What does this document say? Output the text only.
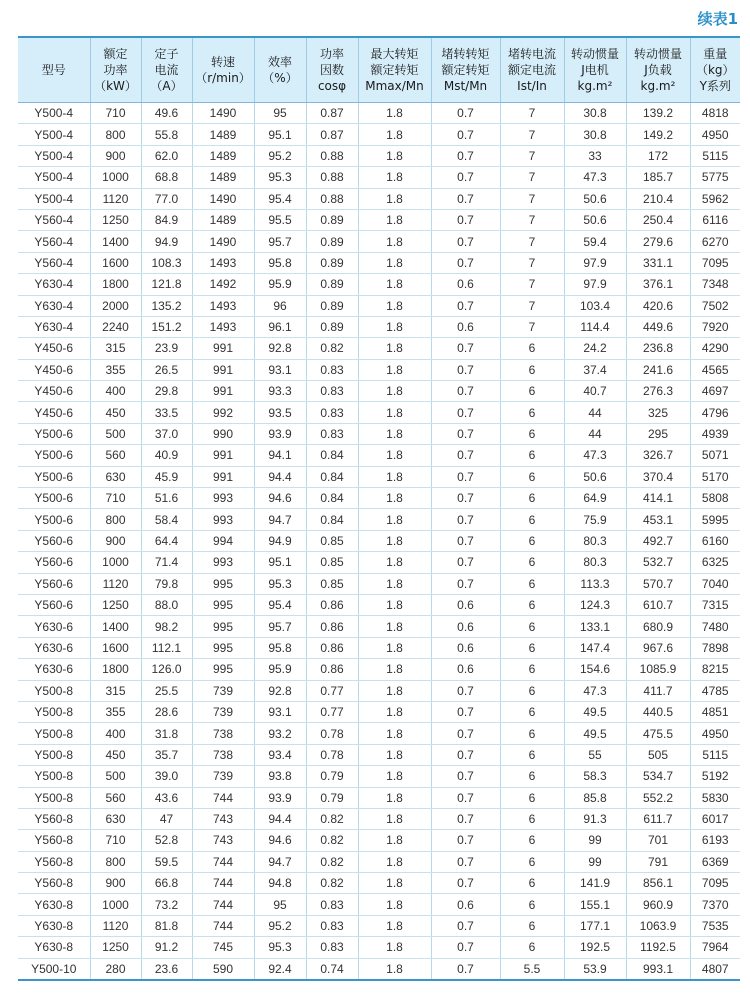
续表1
型号	额定
功率
（kW）	定子
电流
（A）	转速
（r/min）	效率
（%）	功率
因数
cosφ	最大转矩
额定转矩
Mmax/Mn	堵转转矩
额定转矩
Mst/Mn	堵转电流
额定电流
Ist/In	转动惯量
J电机
kg.m²	转动惯量
J负载
kg.m²	重量
（kg）
Y系列
Y500-4	710	49.6	1490	95	0.87	1.8	0.7	7	30.8	139.2	4818
Y500-4	800	55.8	1489	95.1	0.87	1.8	0.7	7	30.8	149.2	4950
Y500-4	900	62.0	1489	95.2	0.88	1.8	0.7	7	33	172	5115
Y500-4	1000	68.8	1489	95.3	0.88	1.8	0.7	7	47.3	185.7	5775
Y500-4	1120	77.0	1490	95.4	0.88	1.8	0.7	7	50.6	210.4	5962
Y560-4	1250	84.9	1489	95.5	0.89	1.8	0.7	7	50.6	250.4	6116
Y560-4	1400	94.9	1490	95.7	0.89	1.8	0.7	7	59.4	279.6	6270
Y560-4	1600	108.3	1493	95.8	0.89	1.8	0.7	7	97.9	331.1	7095
Y630-4	1800	121.8	1492	95.9	0.89	1.8	0.6	7	97.9	376.1	7348
Y630-4	2000	135.2	1493	96	0.89	1.8	0.7	7	103.4	420.6	7502
Y630-4	2240	151.2	1493	96.1	0.89	1.8	0.6	7	114.4	449.6	7920
Y450-6	315	23.9	991	92.8	0.82	1.8	0.7	6	24.2	236.8	4290
Y450-6	355	26.5	991	93.1	0.83	1.8	0.7	6	37.4	241.6	4565
Y450-6	400	29.8	991	93.3	0.83	1.8	0.7	6	40.7	276.3	4697
Y450-6	450	33.5	992	93.5	0.83	1.8	0.7	6	44	325	4796
Y500-6	500	37.0	990	93.9	0.83	1.8	0.7	6	44	295	4939
Y500-6	560	40.9	991	94.1	0.84	1.8	0.7	6	47.3	326.7	5071
Y500-6	630	45.9	991	94.4	0.84	1.8	0.7	6	50.6	370.4	5170
Y500-6	710	51.6	993	94.6	0.84	1.8	0.7	6	64.9	414.1	5808
Y500-6	800	58.4	993	94.7	0.84	1.8	0.7	6	75.9	453.1	5995
Y560-6	900	64.4	994	94.9	0.85	1.8	0.7	6	80.3	492.7	6160
Y560-6	1000	71.4	993	95.1	0.85	1.8	0.7	6	80.3	532.7	6325
Y560-6	1120	79.8	995	95.3	0.85	1.8	0.7	6	113.3	570.7	7040
Y560-6	1250	88.0	995	95.4	0.86	1.8	0.6	6	124.3	610.7	7315
Y630-6	1400	98.2	995	95.7	0.86	1.8	0.6	6	133.1	680.9	7480
Y630-6	1600	112.1	995	95.8	0.86	1.8	0.6	6	147.4	967.6	7898
Y630-6	1800	126.0	995	95.9	0.86	1.8	0.6	6	154.6	1085.9	8215
Y500-8	315	25.5	739	92.8	0.77	1.8	0.7	6	47.3	411.7	4785
Y500-8	355	28.6	739	93.1	0.77	1.8	0.7	6	49.5	440.5	4851
Y500-8	400	31.8	738	93.2	0.78	1.8	0.7	6	49.5	475.5	4950
Y500-8	450	35.7	738	93.4	0.78	1.8	0.7	6	55	505	5115
Y500-8	500	39.0	739	93.8	0.79	1.8	0.7	6	58.3	534.7	5192
Y500-8	560	43.6	744	93.9	0.79	1.8	0.7	6	85.8	552.2	5830
Y560-8	630	47	743	94.4	0.82	1.8	0.7	6	91.3	611.7	6017
Y560-8	710	52.8	743	94.6	0.82	1.8	0.7	6	99	701	6193
Y560-8	800	59.5	744	94.7	0.82	1.8	0.7	6	99	791	6369
Y560-8	900	66.8	744	94.8	0.82	1.8	0.7	6	141.9	856.1	7095
Y630-8	1000	73.2	744	95	0.83	1.8	0.6	6	155.1	960.9	7370
Y630-8	1120	81.8	744	95.2	0.83	1.8	0.7	6	177.1	1063.9	7535
Y630-8	1250	91.2	745	95.3	0.83	1.8	0.7	6	192.5	1192.5	7964
Y500-10	280	23.6	590	92.4	0.74	1.8	0.7	5.5	53.9	993.1	4807
